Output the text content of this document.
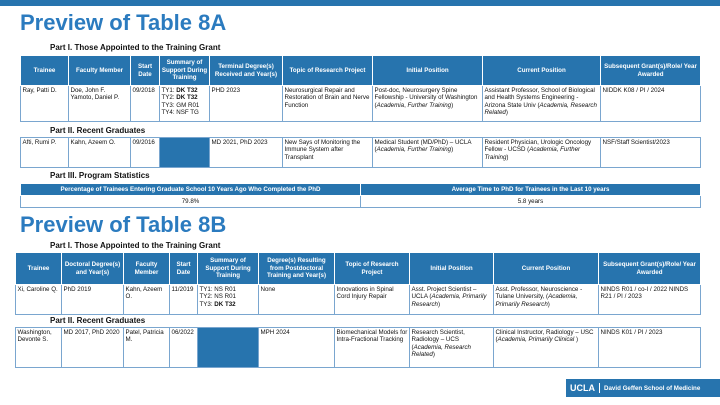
Preview of Table 8A
Part I. Those Appointed to the Training Grant
Trainee	Faculty Member	Start Date	Summary of Support During Training	Terminal Degree(s) Received and Year(s)	Topic of Research Project	Initial Position	Current Position	Subsequent Grant(s)/Role/ Year Awarded
Ray, Patti D.	Doe, John F. Yamoto, Daniel P.	09/2018	TY1: DK T32
TY2: DK T32
TY3: GM R01
TY4: NSF TG	PHD 2023	Neurosurgical Repair and Restoration of Brain and Nerve Function	Post-doc, Neurosurgery Spine Fellowship - University of Washington (Academia, Further Training)	Assistant Professor, School of Biological and Health Systems Engineering - Arizona State Univ (Academia, Research Related)	NIDDK K08 / PI / 2024
Part II. Recent Graduates
Afti, Rumi P.	Kahn, Azeem O.	09/2016		MD 2021, PhD 2023	New Says of Monitoring the Immune System after Transplant	Medical Student (MD/PhD) – UCLA (Academia, Further Training)	Resident Physician, Urologic Oncology Fellow - UCSD (Academia, Further Training)	NSF/Staff Scientist/2023
Part III. Program Statistics
Percentage of Trainees Entering Graduate School 10 Years Ago Who Completed the PhD	Average Time to PhD for Trainees in the Last 10 years
79.8%	5.8 years
Preview of Table 8B
Part I. Those Appointed to the Training Grant
Trainee	Doctoral Degree(s) and Year(s)	Faculty Member	Start Date	Summary of Support During Training	Degree(s) Resulting from Postdoctoral Training and Year(s)	Topic of Research Project	Initial Position	Current Position	Subsequent Grant(s)/Role/ Year Awarded
Xi, Caroline Q.	PhD 2019	Kahn, Azeem O.	11/2019	TY1: NS R01
TY2: NS R01
TY3: DK T32	None	Innovations in Spinal Cord Injury Repair	Asst. Project Scientist – UCLA (Academia, Primarily Research)	Asst. Professor, Neuroscience - Tulane University, (Academia, Primarily Research)	NINDS R01 / co-I / 2022 NINDS R21 / PI / 2023
Part II. Recent Graduates
Washington, Devonte S.	MD 2017, PhD 2020	Patel, Patricia M.	06/2022		MPH 2024	Biomechanical Models for Intra-Fractional Tracking	Research Scientist, Radiology – UCS (Academia, Research Related)	Clinical Instructor, Radiology – USC (Academia, Primarily Clinical )	NINDS K01 / PI / 2023
UCLA	David Geffen School of Medicine
